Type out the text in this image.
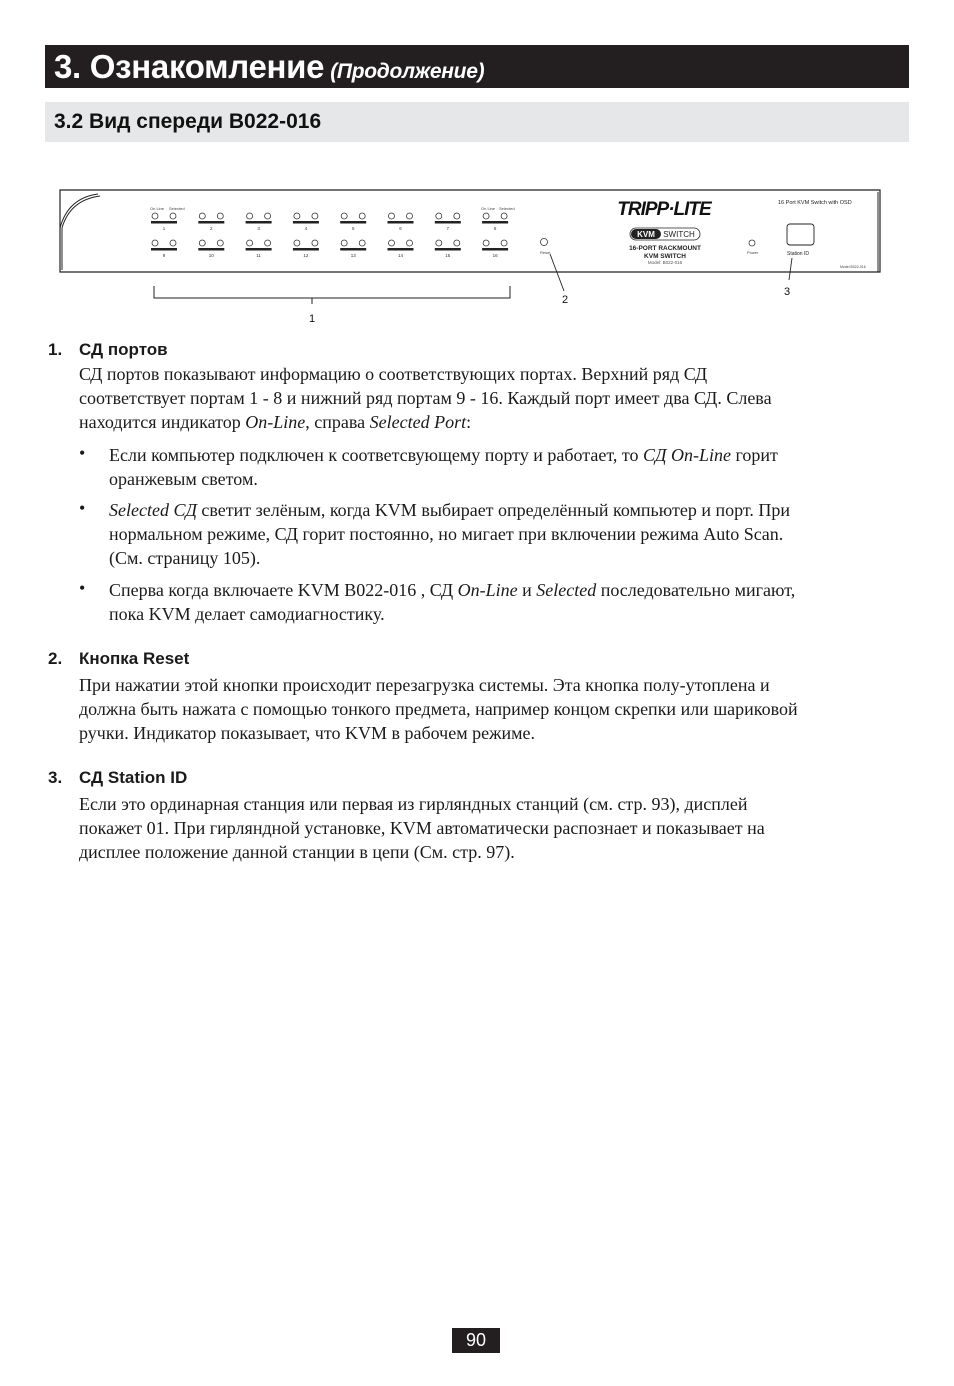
3. Ознакомление (Продолжение)
3.2 Вид спереди B022-016
On Line Selected	On Line Selected
1	2	3	4	5	6	7	8
9	10	11	12	13	14	15	16
Reset
TRIPP·LITE
KVM SWITCH
16-PORT RACKMOUNT
KVM SWITCH
Model: B022-016
Power
16 Port KVM Switch with OSD
Station ID
Model B022-016
1
2
3
1. СД портов
СД портов показывают информацию о соответствующих портах. Верхний ряд СД
соответствует портам 1 - 8 и нижний ряд портам 9 - 16. Каждый порт имеет два СД. Слева
находится индикатор On-Line, справа Selected Port:
• Если компьютер подключен к соответсвующему порту и работает, то СД On-Line горит
оранжевым светом.
• Selected СД светит зелёным, когда KVM выбирает определённый компьютер и порт. При
нормальном режиме, СД горит постоянно, но мигает при включении режима Auto Scan.
(См. страницу 105).
• Сперва когда включаете KVM B022-016 , СД On-Line и Selected последовательно мигают,
пока KVM делает самодиагностику.
2. Кнопка Reset
При нажатии этой кнопки происходит перезагрузка системы. Эта кнопка полу-утоплена и
должна быть нажата с помощью тонкого предмета, например концом скрепки или шариковой
ручки. Индикатор показывает, что KVM в рабочем режиме.
3. СД Station ID
Если это ординарная станция или первая из гирляндных станций (см. стр. 93), дисплей
покажет 01. При гирляндной установке, KVM автоматически распознает и показывает на
дисплее положение данной станции в цепи (См. стр. 97).
90
